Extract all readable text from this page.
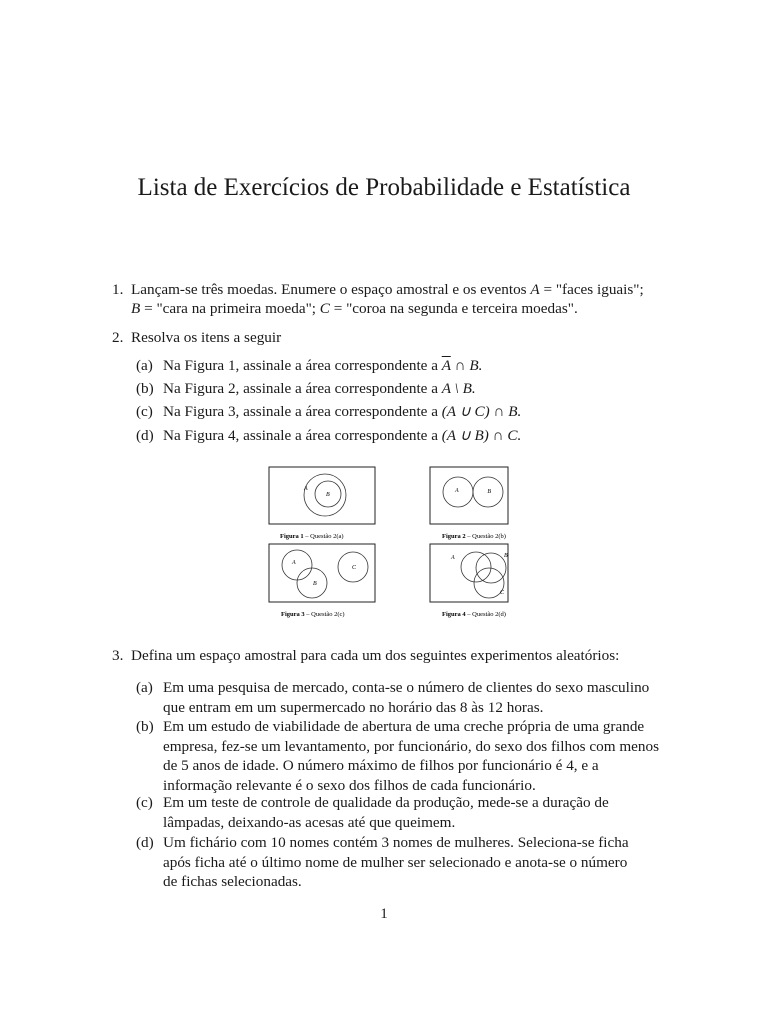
Lista de Exercícios de Probabilidade e Estatística
1. Lançam-se três moedas. Enumere o espaço amostral e os eventos A = "faces iguais";
B = "cara na primeira moeda"; C = "coroa na segunda e terceira moedas".
2. Resolva os itens a seguir
(a) Na Figura 1, assinale a área correspondente a $\overline{A}$ ∩ B.
(b) Na Figura 2, assinale a área correspondente a A \ B.
(c) Na Figura 3, assinale a área correspondente a (A ∪ C) ∩ B.
(d) Na Figura 4, assinale a área correspondente a (A ∪ B) ∩ C.
A
B
Figura 1 – Questão 2(a)
A	B
Figura 2 – Questão 2(b)
A
B
C
Figura 3 – Questão 2(c)
A	B
C
Figura 4 – Questão 2(d)
3. Defina um espaço amostral para cada um dos seguintes experimentos aleatórios:
(a) Em uma pesquisa de mercado, conta-se o número de clientes do sexo masculino
que entram em um supermercado no horário das 8 às 12 horas.
(b) Em um estudo de viabilidade de abertura de uma creche própria de uma grande
empresa, fez-se um levantamento, por funcionário, do sexo dos filhos com menos
de 5 anos de idade. O número máximo de filhos por funcionário é 4, e a
informação relevante é o sexo dos filhos de cada funcionário.
(c) Em um teste de controle de qualidade da produção, mede-se a duração de
lâmpadas, deixando-as acesas até que queimem.
(d) Um fichário com 10 nomes contém 3 nomes de mulheres. Seleciona-se ficha
após ficha até o último nome de mulher ser selecionado e anota-se o número
de fichas selecionadas.
1
